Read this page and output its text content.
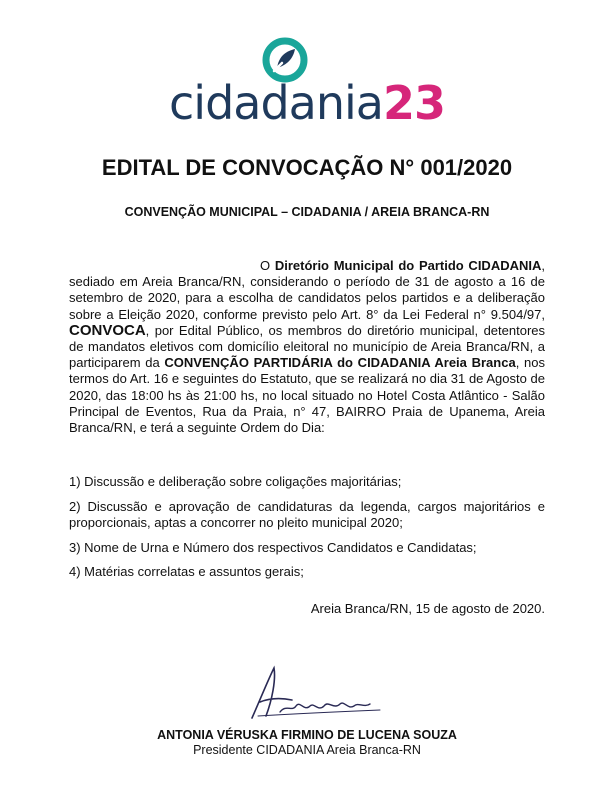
cidadania23
EDITAL DE CONVOCAÇÃO N° 001/2020
CONVENÇÃO MUNICIPAL – CIDADANIA / AREIA BRANCA-RN
O Diretório Municipal do Partido CIDADANIA, sediado em Areia Branca/RN, considerando o período de 31 de agosto a 16 de setembro de 2020, para a escolha de candidatos pelos partidos e a deliberação sobre a Eleição 2020, conforme previsto pelo Art. 8° da Lei Federal n° 9.504/97, CONVOCA, por Edital Público, os membros do diretório municipal, detentores de mandatos eletivos com domicílio eleitoral no município de Areia Branca/RN, a participarem da CONVENÇÃO PARTIDÁRIA do CIDADANIA Areia Branca, nos termos do Art. 16 e seguintes do Estatuto, que se realizará no dia 31 de Agosto de 2020, das 18:00 hs às 21:00 hs, no local situado no Hotel Costa Atlântico - Salão Principal de Eventos, Rua da Praia, n° 47, BAIRRO Praia de Upanema, Areia Branca/RN, e terá a seguinte Ordem do Dia:

1) Discussão e deliberação sobre coligações majoritárias;

2) Discussão e aprovação de candidaturas da legenda, cargos majoritários e proporcionais, aptas a concorrer no pleito municipal 2020;

3) Nome de Urna e Número dos respectivos Candidatos e Candidatas;

4) Matérias correlatas e assuntos gerais;

Areia Branca/RN, 15 de agosto de 2020.
ANTONIA VÉRUSKA FIRMINO DE LUCENA SOUZA
Presidente CIDADANIA Areia Branca-RN
